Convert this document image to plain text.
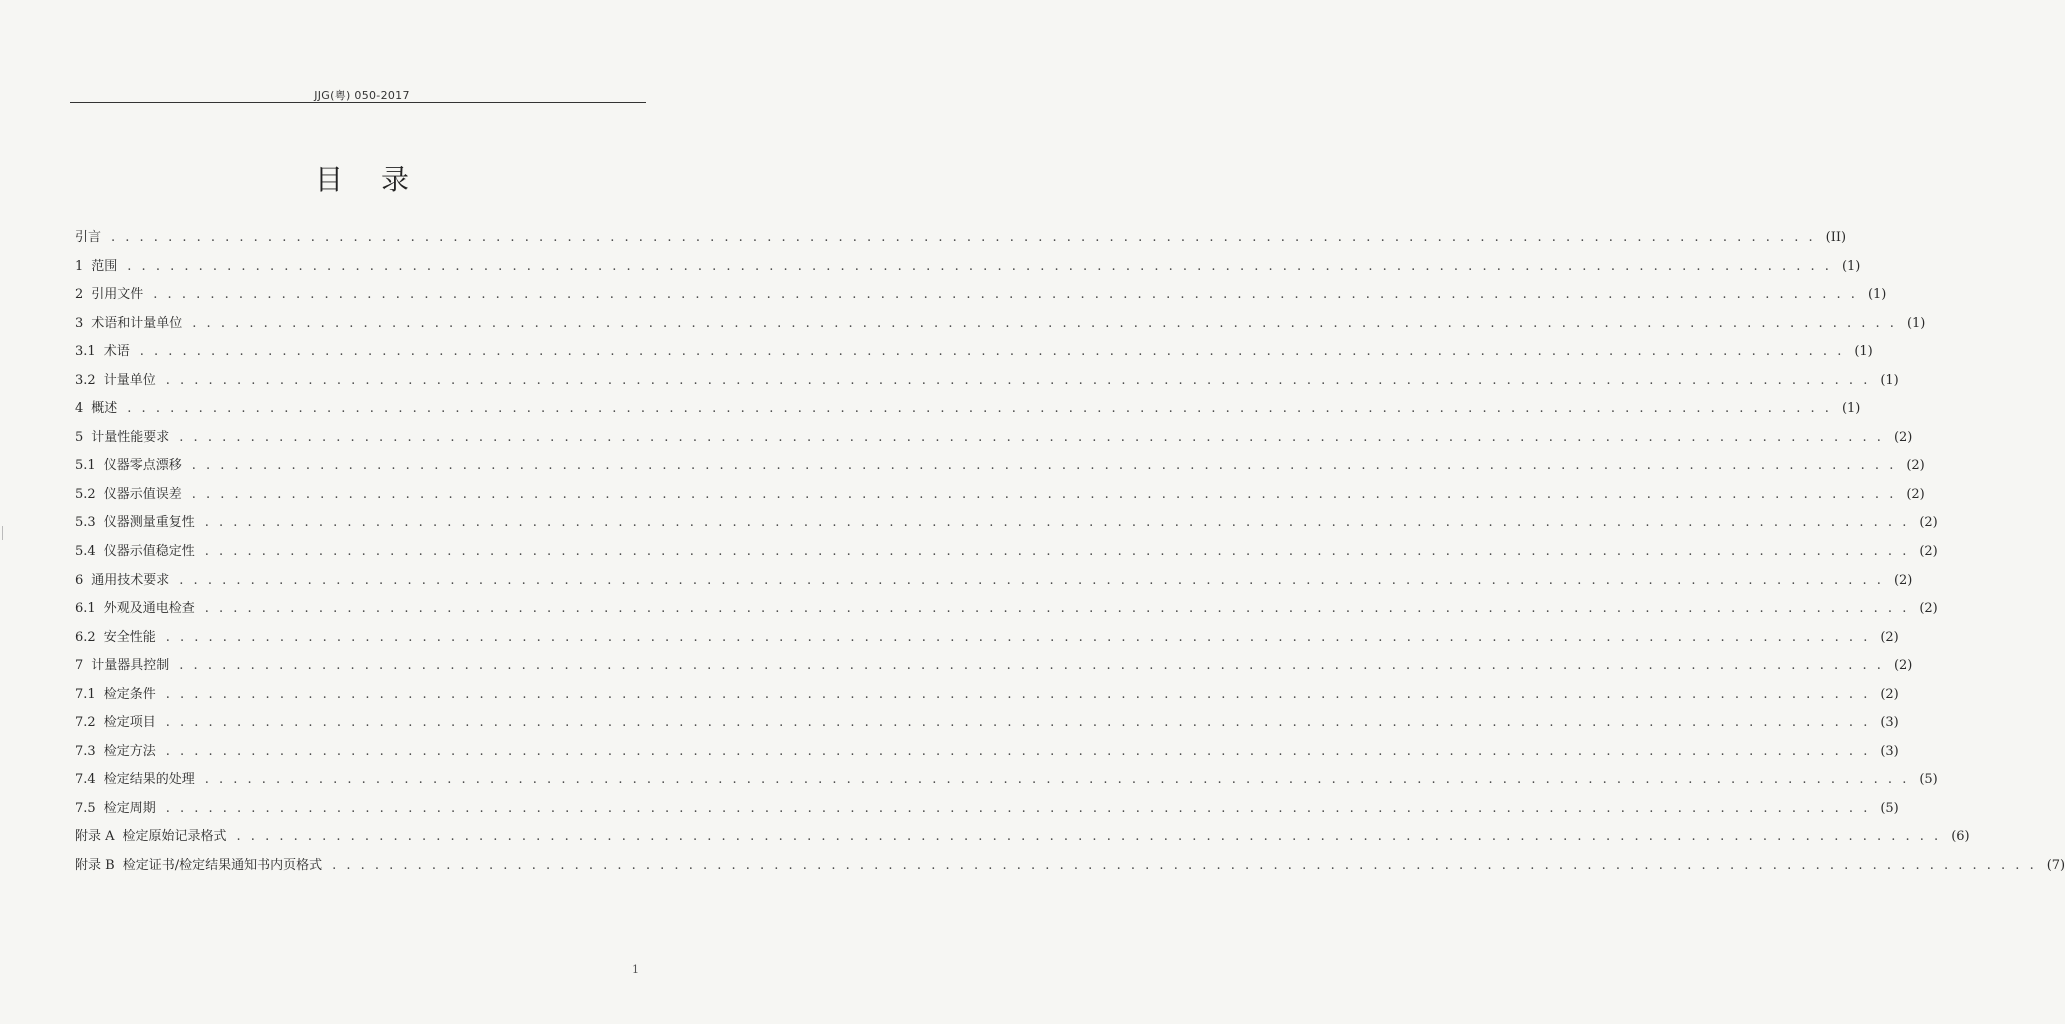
JJG(粤) 050-2017
目录
引言 . . . . . . . . . . . . . . . . . . . . . . . . . . . . . . . . . . . . . . . . . . . . . . . . . . . . . . . . . . . . . . . . . . . . . . . . . . . . . . . . . . . . . . . . . . . . . . . . . . . . . . . . . . . . . . . . . . . . . . . . (II)
1 范围 . . . . . . . . . . . . . . . . . . . . . . . . . . . . . . . . . . . . . . . . . . . . . . . . . . . . . . . . . . . . . . . . . . . . . . . . . . . . . . . . . . . . . . . . . . . . . . . . . . . . . . . . . . . . . . . . . . . . . . . . (1)
2 引用文件 . . . . . . . . . . . . . . . . . . . . . . . . . . . . . . . . . . . . . . . . . . . . . . . . . . . . . . . . . . . . . . . . . . . . . . . . . . . . . . . . . . . . . . . . . . . . . . . . . . . . . . . . . . . . . . . . . . . . . . . . (1)
3 术语和计量单位 . . . . . . . . . . . . . . . . . . . . . . . . . . . . . . . . . . . . . . . . . . . . . . . . . . . . . . . . . . . . . . . . . . . . . . . . . . . . . . . . . . . . . . . . . . . . . . . . . . . . . . . . . . . . . . . . . . . . . . . . (1)
3.1 术语 . . . . . . . . . . . . . . . . . . . . . . . . . . . . . . . . . . . . . . . . . . . . . . . . . . . . . . . . . . . . . . . . . . . . . . . . . . . . . . . . . . . . . . . . . . . . . . . . . . . . . . . . . . . . . . . . . . . . . . . . (1)
3.2 计量单位 . . . . . . . . . . . . . . . . . . . . . . . . . . . . . . . . . . . . . . . . . . . . . . . . . . . . . . . . . . . . . . . . . . . . . . . . . . . . . . . . . . . . . . . . . . . . . . . . . . . . . . . . . . . . . . . . . . . . . . . . (1)
4 概述 . . . . . . . . . . . . . . . . . . . . . . . . . . . . . . . . . . . . . . . . . . . . . . . . . . . . . . . . . . . . . . . . . . . . . . . . . . . . . . . . . . . . . . . . . . . . . . . . . . . . . . . . . . . . . . . . . . . . . . . . (1)
5 计量性能要求 . . . . . . . . . . . . . . . . . . . . . . . . . . . . . . . . . . . . . . . . . . . . . . . . . . . . . . . . . . . . . . . . . . . . . . . . . . . . . . . . . . . . . . . . . . . . . . . . . . . . . . . . . . . . . . . . . . . . . . . . (2)
5.1 仪器零点漂移 . . . . . . . . . . . . . . . . . . . . . . . . . . . . . . . . . . . . . . . . . . . . . . . . . . . . . . . . . . . . . . . . . . . . . . . . . . . . . . . . . . . . . . . . . . . . . . . . . . . . . . . . . . . . . . . . . . . . . . . . (2)
5.2 仪器示值误差 . . . . . . . . . . . . . . . . . . . . . . . . . . . . . . . . . . . . . . . . . . . . . . . . . . . . . . . . . . . . . . . . . . . . . . . . . . . . . . . . . . . . . . . . . . . . . . . . . . . . . . . . . . . . . . . . . . . . . . . . (2)
5.3 仪器测量重复性 . . . . . . . . . . . . . . . . . . . . . . . . . . . . . . . . . . . . . . . . . . . . . . . . . . . . . . . . . . . . . . . . . . . . . . . . . . . . . . . . . . . . . . . . . . . . . . . . . . . . . . . . . . . . . . . . . . . . . . . . (2)
5.4 仪器示值稳定性 . . . . . . . . . . . . . . . . . . . . . . . . . . . . . . . . . . . . . . . . . . . . . . . . . . . . . . . . . . . . . . . . . . . . . . . . . . . . . . . . . . . . . . . . . . . . . . . . . . . . . . . . . . . . . . . . . . . . . . . . (2)
6 通用技术要求 . . . . . . . . . . . . . . . . . . . . . . . . . . . . . . . . . . . . . . . . . . . . . . . . . . . . . . . . . . . . . . . . . . . . . . . . . . . . . . . . . . . . . . . . . . . . . . . . . . . . . . . . . . . . . . . . . . . . . . . . (2)
6.1 外观及通电检查 . . . . . . . . . . . . . . . . . . . . . . . . . . . . . . . . . . . . . . . . . . . . . . . . . . . . . . . . . . . . . . . . . . . . . . . . . . . . . . . . . . . . . . . . . . . . . . . . . . . . . . . . . . . . . . . . . . . . . . . . (2)
6.2 安全性能 . . . . . . . . . . . . . . . . . . . . . . . . . . . . . . . . . . . . . . . . . . . . . . . . . . . . . . . . . . . . . . . . . . . . . . . . . . . . . . . . . . . . . . . . . . . . . . . . . . . . . . . . . . . . . . . . . . . . . . . . (2)
7 计量器具控制 . . . . . . . . . . . . . . . . . . . . . . . . . . . . . . . . . . . . . . . . . . . . . . . . . . . . . . . . . . . . . . . . . . . . . . . . . . . . . . . . . . . . . . . . . . . . . . . . . . . . . . . . . . . . . . . . . . . . . . . . (2)
7.1 检定条件 . . . . . . . . . . . . . . . . . . . . . . . . . . . . . . . . . . . . . . . . . . . . . . . . . . . . . . . . . . . . . . . . . . . . . . . . . . . . . . . . . . . . . . . . . . . . . . . . . . . . . . . . . . . . . . . . . . . . . . . . (2)
7.2 检定项目 . . . . . . . . . . . . . . . . . . . . . . . . . . . . . . . . . . . . . . . . . . . . . . . . . . . . . . . . . . . . . . . . . . . . . . . . . . . . . . . . . . . . . . . . . . . . . . . . . . . . . . . . . . . . . . . . . . . . . . . . (3)
7.3 检定方法 . . . . . . . . . . . . . . . . . . . . . . . . . . . . . . . . . . . . . . . . . . . . . . . . . . . . . . . . . . . . . . . . . . . . . . . . . . . . . . . . . . . . . . . . . . . . . . . . . . . . . . . . . . . . . . . . . . . . . . . . (3)
7.4 检定结果的处理 . . . . . . . . . . . . . . . . . . . . . . . . . . . . . . . . . . . . . . . . . . . . . . . . . . . . . . . . . . . . . . . . . . . . . . . . . . . . . . . . . . . . . . . . . . . . . . . . . . . . . . . . . . . . . . . . . . . . . . . . (5)
7.5 检定周期 . . . . . . . . . . . . . . . . . . . . . . . . . . . . . . . . . . . . . . . . . . . . . . . . . . . . . . . . . . . . . . . . . . . . . . . . . . . . . . . . . . . . . . . . . . . . . . . . . . . . . . . . . . . . . . . . . . . . . . . . (5)
附录 A 检定原始记录格式 . . . . . . . . . . . . . . . . . . . . . . . . . . . . . . . . . . . . . . . . . . . . . . . . . . . . . . . . . . . . . . . . . . . . . . . . . . . . . . . . . . . . . . . . . . . . . . . . . . . . . . . . . . . . . . . . . . . . . . . . (6)
附录 B 检定证书/检定结果通知书内页格式 . . . . . . . . . . . . . . . . . . . . . . . . . . . . . . . . . . . . . . . . . . . . . . . . . . . . . . . . . . . . . . . . . . . . . . . . . . . . . . . . . . . . . . . . . . . . . . . . . . . . . . . . . . . . . . . . . . . . . . . . (7)
1
